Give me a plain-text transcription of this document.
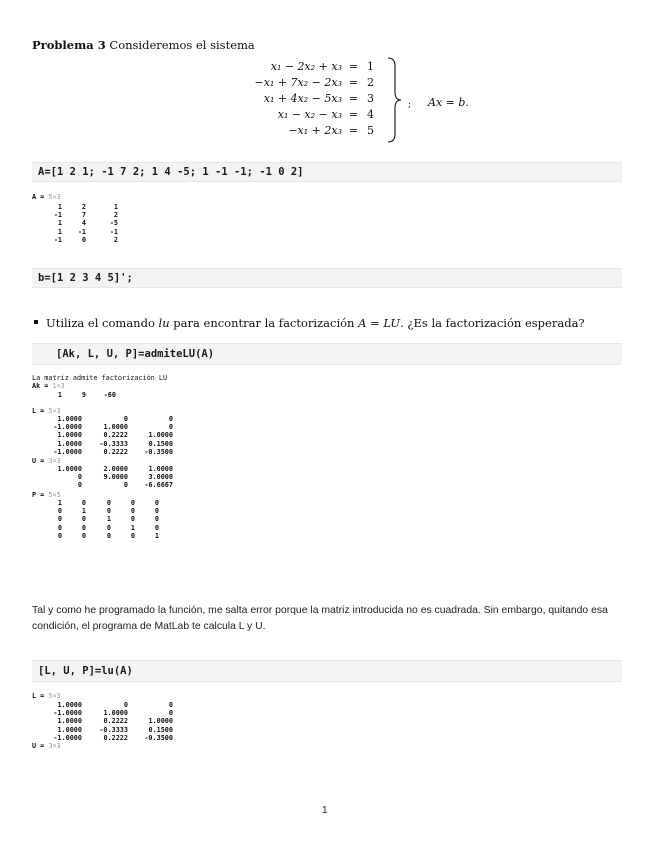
Problema 3 Consideremos el sistema
x₁ − 2x₂ + x₃ = 1
−x₁ + 7x₂ − 2x₃ = 2
x₁ + 4x₂ − 5x₃ = 3
x₁ − x₂ − x₃ = 4
−x₁ + 2x₃ = 5
; Ax = b.
A=[1 2 1; -1 7 2; 1 4 -5; 1 -1 -1; -1 0 2]
A = 5×3
1	2	1
-1	7	2
1	4	-5
1 -1	-1
-1	0	2
b=[1 2 3 4 5]';
Utiliza el comando lu para encontrar la factorización A = LU. ¿Es la factorización esperada?
[Ak, L, U, P]=admiteLU(A)
La matriz admite factorización LU
Ak = 1×3
1	9	-60
L = 5×3
1.0000	0	0
-1.0000	1.0000	0
1.0000	0.2222	1.0000
1.0000	-0.3333	0.1500
-1.0000	0.2222 -0.3500
U = 3×3
1.0000	2.0000	1.0000
0	9.0000	3.0000
0	0 -6.6667
P = 5×5
1	0	0	0	0
0	1	0	0	0
0	0	1	0	0
0	0	0	1	0
0	0	0	0	1
Tal y como he programado la función, me salta error porque la matriz introducida no es cuadrada. Sin embargo, quitando esa condición, el programa de MatLab te calcula L y U.
[L, U, P]=lu(A)
L = 5×3
1.0000	0	0
-1.0000	1.0000	0
1.0000	0.2222	1.0000
1.0000	-0.3333	0.1500
-1.0000	0.2222 -0.3500
U = 3×3
1
